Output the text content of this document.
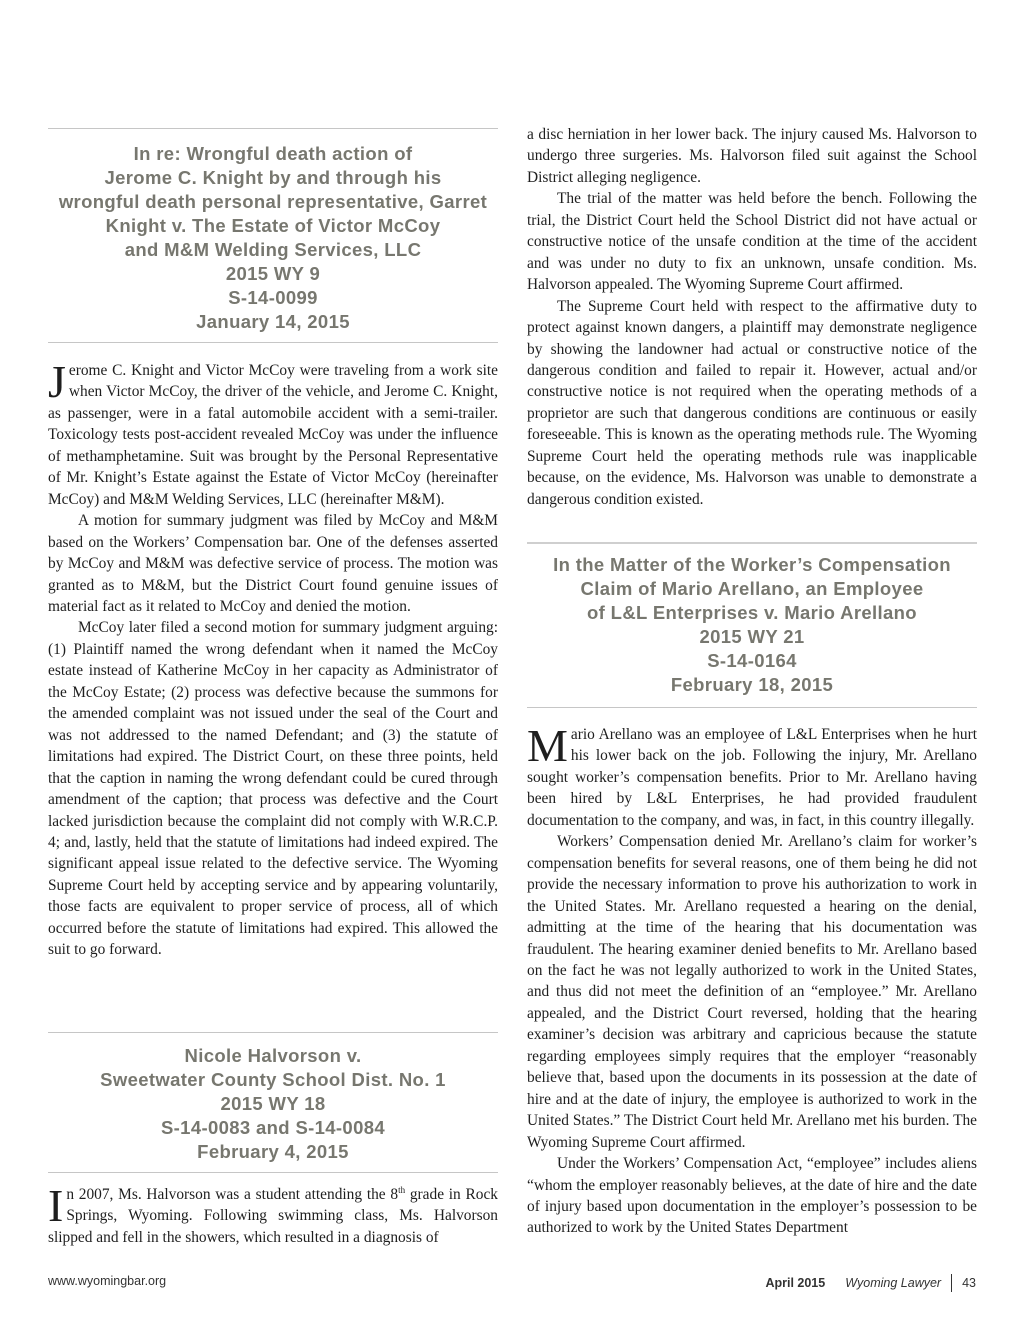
In re: Wrongful death action of
Jerome C. Knight by and through his
wrongful death personal representative, Garret
Knight v. The Estate of Victor McCoy
and M&M Welding Services, LLC
2015 WY 9
S-14-0099
January 14, 2015

Jerome C. Knight and Victor McCoy were traveling from a work site when Victor McCoy, the driver of the vehicle, and Jerome C. Knight, as passenger, were in a fatal automobile accident with a semi-trailer. Toxicology tests post-accident revealed McCoy was under the influence of methamphetamine. Suit was brought by the Personal Representative of Mr. Knight’s Estate against the Estate of Victor McCoy (hereinafter McCoy) and M&M Welding Services, LLC (hereinafter M&M).

A motion for summary judgment was filed by McCoy and M&M based on the Workers’ Compensation bar. One of the defenses asserted by McCoy and M&M was defective service of process. The motion was granted as to M&M, but the District Court found genuine issues of material fact as it related to McCoy and denied the motion.

McCoy later filed a second motion for summary judgment arguing: (1) Plaintiff named the wrong defendant when it named the McCoy estate instead of Katherine McCoy in her capacity as Administrator of the McCoy Estate; (2) process was defective because the summons for the amended complaint was not issued under the seal of the Court and was not addressed to the named Defendant; and (3) the statute of limitations had expired. The District Court, on these three points, held that the caption in naming the wrong defendant could be cured through amendment of the caption; that process was defective and the Court lacked jurisdiction because the complaint did not comply with W.R.C.P. 4; and, lastly, held that the statute of limitations had indeed expired. The significant appeal issue related to the defective service. The Wyoming Supreme Court held by accepting service and by appearing voluntarily, those facts are equivalent to proper service of process, all of which occurred before the statute of limitations had expired. This allowed the suit to go forward.

Nicole Halvorson v.
Sweetwater County School Dist. No. 1
2015 WY 18
S-14-0083 and S-14-0084
February 4, 2015

In 2007, Ms. Halvorson was a student attending the 8th grade in Rock Springs, Wyoming. Following swimming class, Ms. Halvorson slipped and fell in the showers, which resulted in a diagnosis of

a disc herniation in her lower back. The injury caused Ms. Halvorson to undergo three surgeries. Ms. Halvorson filed suit against the School District alleging negligence.

The trial of the matter was held before the bench. Following the trial, the District Court held the School District did not have actual or constructive notice of the unsafe condition at the time of the accident and was under no duty to fix an unknown, unsafe condition. Ms. Halvorson appealed. The Wyoming Supreme Court affirmed.

The Supreme Court held with respect to the affirmative duty to protect against known dangers, a plaintiff may demonstrate negligence by showing the landowner had actual or constructive notice of the dangerous condition and failed to repair it. However, actual and/or constructive notice is not required when the operating methods of a proprietor are such that dangerous conditions are continuous or easily foreseeable. This is known as the operating methods rule. The Wyoming Supreme Court held the operating methods rule was inapplicable because, on the evidence, Ms. Halvorson was unable to demonstrate a dangerous condition existed.

In the Matter of the Worker’s Compensation
Claim of Mario Arellano, an Employee
of L&L Enterprises v. Mario Arellano
2015 WY 21
S-14-0164
February 18, 2015

Mario Arellano was an employee of L&L Enterprises when he hurt his lower back on the job. Following the injury, Mr. Arellano sought worker’s compensation benefits. Prior to Mr. Arellano having been hired by L&L Enterprises, he had provided fraudulent documentation to the company, and was, in fact, in this country illegally.

Workers’ Compensation denied Mr. Arellano’s claim for worker’s compensation benefits for several reasons, one of them being he did not provide the necessary information to prove his authorization to work in the United States. Mr. Arellano requested a hearing on the denial, admitting at the time of the hearing that his documentation was fraudulent. The hearing examiner denied benefits to Mr. Arellano based on the fact he was not legally authorized to work in the United States, and thus did not meet the definition of an “employee.” Mr. Arellano appealed, and the District Court reversed, holding that the hearing examiner’s decision was arbitrary and capricious because the statute regarding employees simply requires that the employer “reasonably believe that, based upon the documents in its possession at the date of hire and at the date of injury, the employee is authorized to work in the United States.” The District Court held Mr. Arellano met his burden. The Wyoming Supreme Court affirmed.

Under the Workers’ Compensation Act, “employee” includes aliens “whom the employer reasonably believes, at the date of hire and the date of injury based upon documentation in the employer’s possession to be authorized to work by the United States Department

www.wyomingbar.org	April 2015 Wyoming Lawyer 43
